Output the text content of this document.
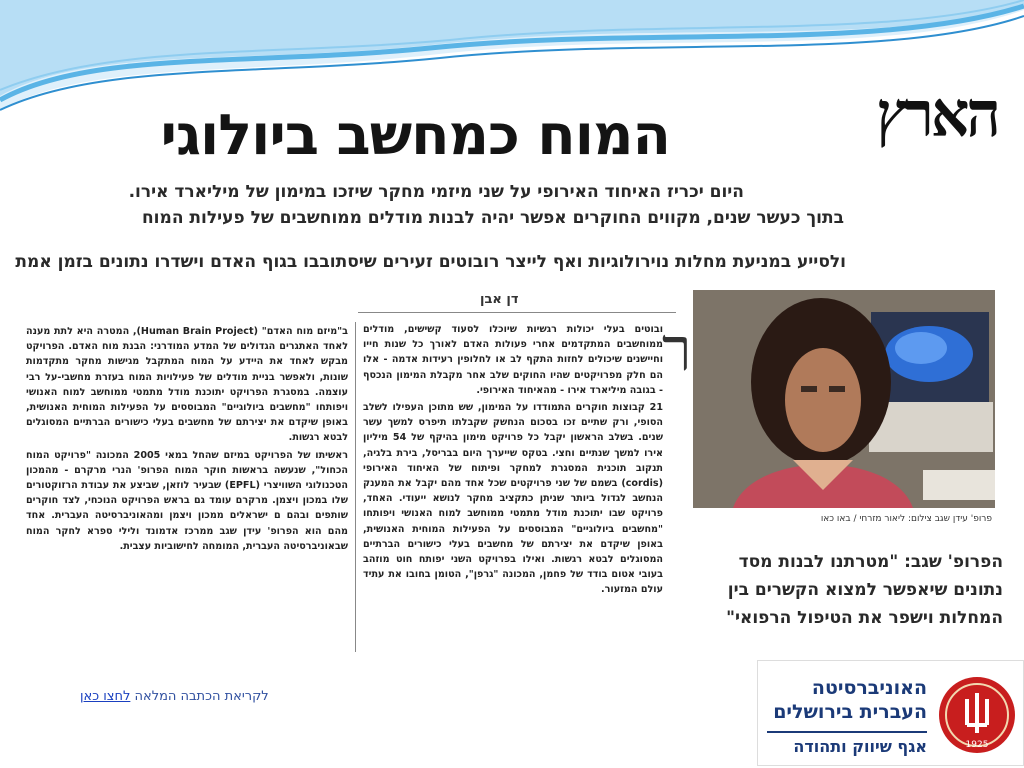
הארץ
המוח כמחשב ביולוגי
היום יכריז האיחוד האירופי על שני מיזמי מחקר שיזכו במימון של מיליארד אירו.
בתוך כעשר שנים, מקווים החוקרים אפשר יהיה לבנות מודלים ממוחשבים של פעילות המוח
ולסייע במניעת מחלות נוירולוגיות ואף לייצר רובוטים זעירים שיסתובבו בגוף האדם וישדרו נתונים בזמן אמת
דן אבן
ר

ובוטים בעלי יכולות רגשיות שיוכלו לסעוד קשישים, מודלים ממוחשבים המתקדמים אחרי פעולות האדם לאורך כל שנות חייו וחיישנים שיכולים לחזות התקף לב או לחלופין רעידות אדמה - אלו הם חלק מפרויקטים שהיו החוקים שלב אחר מקבלת המימון הנכסף - בגובה מיליארד אירו - מהאיחוד האירופי.

21 קבוצות חוקרים התמודדו על המימון, שש מתוכן העפילו לשלב הסופי, ורק שתיים זכו בסכום הנחשק שקבלתו תיפרס למשך עשר שנים. בשלב הראשון יקבל כל פרויקט מימון בהיקף של 54 מיליון אירו למשך שנתיים וחצי. בטקס שייערך היום בבריסל, בירת בלגיה, תנקוב תוכנית המסגרת למחקר ופיתוח של האיחוד האירופי (cordis) בשמם של שני פרויקטים שכל אחד מהם יקבל את המענק הנחשב לגדול ביותר שניתן כתקציב מחקר לנושא ייעודי. האחד, פרויקט שבו יתוכנת מודל מתמטי ממוחשב למוח האנושי ויפותחו "מחשבים ביולוגיים" המבוססים על הפעילות המוחית האנושית, באופן שיקדם את יצירתם של מחשבים בעלי כישורים הברתיים המסוגלים לבטא רגשות. ואילו בפרויקט השני יפותח חוט מוזהב בעובי אטום בודד של פחמן, המכונה "גרפן", הטומן בחובו את עתיד עולם המזעור.

ב"מיזם מוח האדם" (Human Brain Project), המטרה היא לתת מענה לאחד האתגרים הגדולים של המדע המודרני: הבנת מוח האדם. הפרויקט מבקש לאחד את היידע על המוח המתקבל מגישות מחקר מתקדמות שונות, ולאפשר בניית מודלים של פעילויות המוח בעזרת מחשבי-על רבי עוצמה. במסגרת הפרויקט יתוכנת מודל מתמטי ממוחשב למוח האנושי ויפותחו "מחשבים ביולוגיים" המבוססים על הפעילות המוחית האנושית, באופן שיקדם את יצירתם של מחשבים בעלי כישורים הברתיים המסוגלים לבטא רגשות.

ראשיתו של הפרויקט במיזם שהחל במאי 2005 המכונה "פרויקט המוח הכחול", שנעשה בראשות חוקר המוח הפרופ' הנרי מרקרם - מהמכון הטכנולוגי השוויצרי (EPFL) שבעיר לוזאן, שביצע את עבודת הרזוקטורים שלו במכון ויצמן. מרקרם עומד גם בראש הפרויקט הנוכחי, לצד חוקרים שותפים ובהם ם ישראלים ממכון ויצמן ומהאוניברסיטה העברית. אחד מהם הוא הפרופ' עידן שגב ממרכז אדמונד ולילי ספרא לחקר המוח שבאוניברסיטה העברית, המומחה לחישוביות עצבית.

פרופ' עידן שגב צילום: ליאור מזרחי / באו כאו
הפרופ' שגב: "מטרתנו לבנות מסד נתונים שיאפשר למצוא הקשרים בין המחלות וישפר את הטיפול הרפואי"
לקריאת הכתבה המלאה לחצו כאן	האוניברסיטה
העברית בירושלים
אגף שיווק ותהודה	1925
